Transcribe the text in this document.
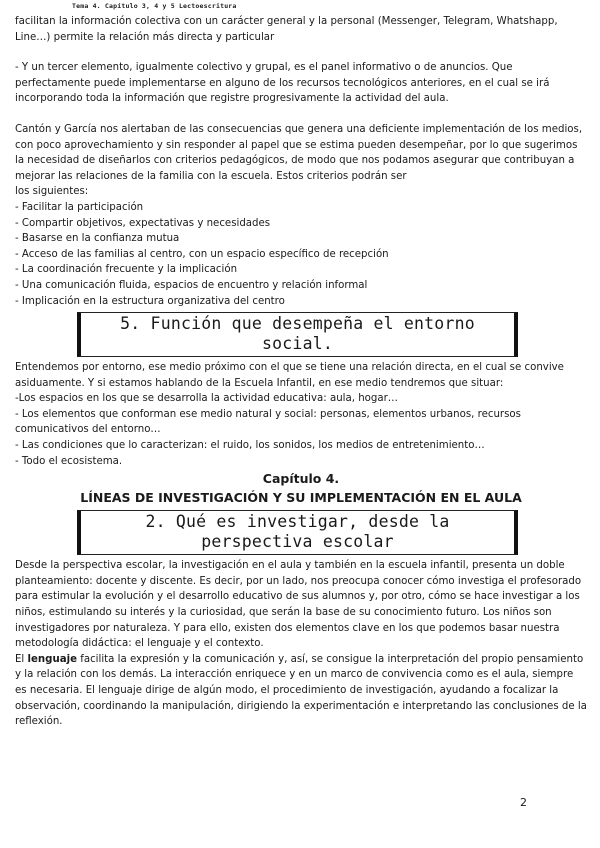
Tema 4. Capítulo 3, 4 y 5 Lectoescritura

facilitan la información colectiva con un carácter general y la personal (Messenger, Telegram, Whatshapp, Line…) permite la relación más directa y particular

- Y un tercer elemento, igualmente colectivo y grupal, es el panel informativo o de anuncios. Que perfectamente puede implementarse en alguno de los recursos tecnológicos anteriores, en el cual se irá incorporando toda la información que registre progresivamente la actividad del aula.

Cantón y García nos alertaban de las consecuencias que genera una deficiente implementación de los medios, con poco aprovechamiento y sin responder al papel que se estima pueden desempeñar, por lo que sugerimos la necesidad de diseñarlos con criterios pedagógicos, de modo que nos podamos asegurar que contribuyan a mejorar las relaciones de la familia con la escuela. Estos criterios podrán ser

los siguientes:

- Facilitar la participación

- Compartir objetivos, expectativas y necesidades

- Basarse en la confianza mutua

- Acceso de las familias al centro, con un espacio específico de recepción

- La coordinación frecuente y la implicación

- Una comunicación fluida, espacios de encuentro y relación informal

- Implicación en la estructura organizativa del centro

5. Función que desempeña el entorno social.

Entendemos por entorno, ese medio próximo con el que se tiene una relación directa, en el cual se convive asiduamente. Y si estamos hablando de la Escuela Infantil, en ese medio tendremos que situar:

-Los espacios en los que se desarrolla la actividad educativa: aula, hogar…

- Los elementos que conforman ese medio natural y social: personas, elementos urbanos, recursos comunicativos del entorno…

- Las condiciones que lo caracterizan: el ruido, los sonidos, los medios de entretenimiento…

- Todo el ecosistema.

Capítulo 4.
LÍNEAS DE INVESTIGACIÓN Y SU IMPLEMENTACIÓN EN EL AULA
2. Qué es investigar, desde la perspectiva escolar

Desde la perspectiva escolar, la investigación en el aula y también en la escuela infantil, presenta un doble planteamiento: docente y discente. Es decir, por un lado, nos preocupa conocer cómo investiga el profesorado para estimular la evolución y el desarrollo educativo de sus alumnos y, por otro, cómo se hace investigar a los niños, estimulando su interés y la curiosidad, que serán la base de su conocimiento futuro. Los niños son investigadores por naturaleza. Y para ello, existen dos elementos clave en los que podemos basar nuestra metodología didáctica: el lenguaje y el contexto.

El lenguaje facilita la expresión y la comunicación y, así, se consigue la interpretación del propio pensamiento y la relación con los demás. La interacción enriquece y en un marco de convivencia como es el aula, siempre es necesaria. El lenguaje dirige de algún modo, el procedimiento de investigación, ayudando a focalizar la observación, coordinando la manipulación, dirigiendo la experimentación e interpretando las conclusiones de la reflexión.

2
